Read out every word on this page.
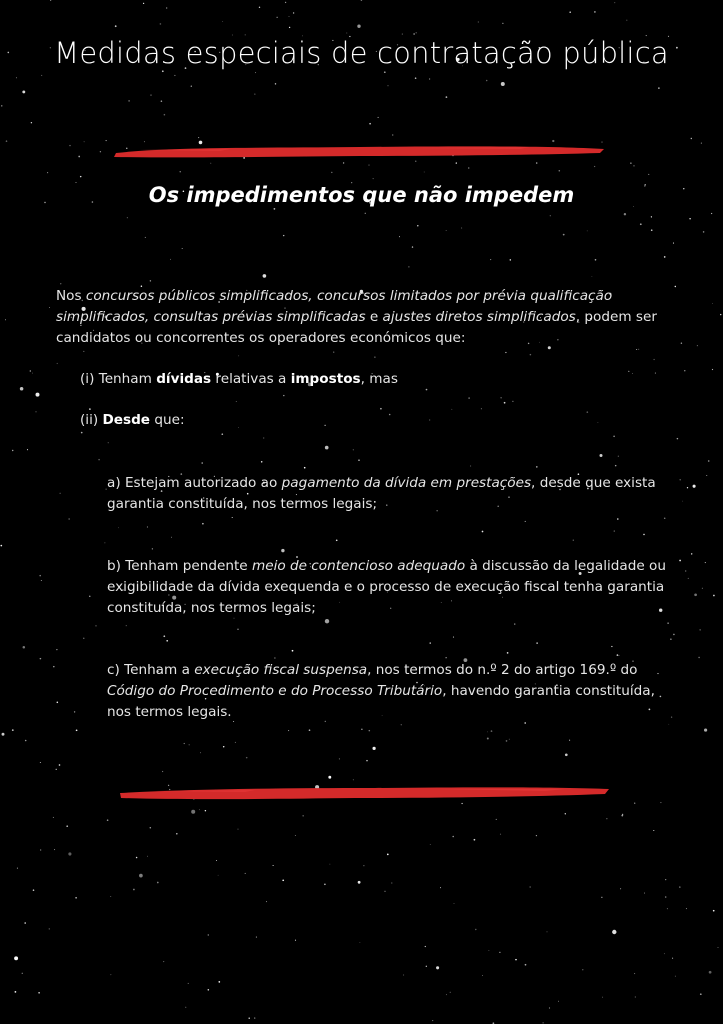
Medidas especiais de contratação pública
Os impedimentos que não impedem

Nos concursos públicos simplificados, concursos limitados por prévia qualificação simplificados, consultas prévias simplificadas e ajustes diretos simplificados, podem ser candidatos ou concorrentes os operadores económicos que:

(i) Tenham dívidas relativas a impostos, mas

(ii) Desde que:

a) Estejam autorizado ao pagamento da dívida em prestações, desde que exista garantia constituída, nos termos legais;

b) Tenham pendente meio de contencioso adequado à discussão da legalidade ou exigibilidade da dívida exequenda e o processo de execução fiscal tenha garantia constituída, nos termos legais;

c) Tenham a execução fiscal suspensa, nos termos do n.º 2 do artigo 169.º do Código do Procedimento e do Processo Tributário, havendo garantia constituída, nos termos legais.
